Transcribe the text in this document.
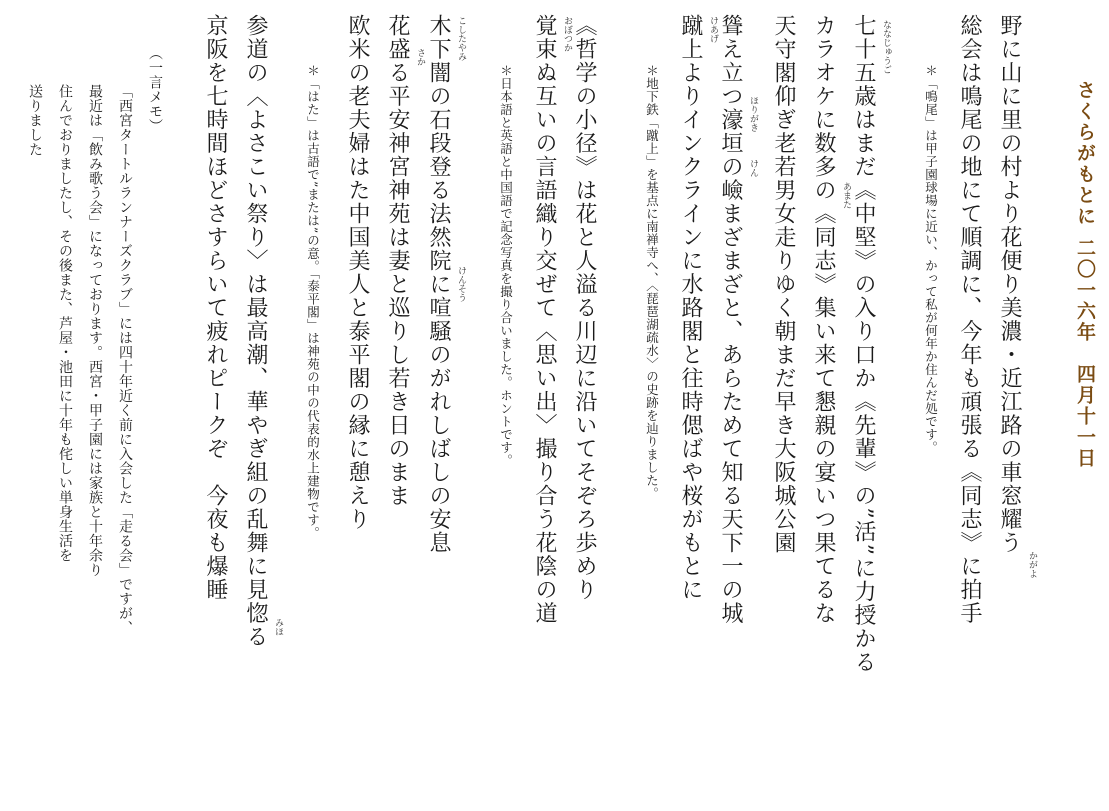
さくらがもとに
二〇一六年　四月十一日
野に山に里の村より花便り美濃・近江路の車窓耀う
総会は鳴尾の地にて順調に、今年も頑張る《同志》に拍手
＊「鳴尾」は甲子園球場に近い、かって私が何年か住んだ処です。
七十五歳はまだ《中堅》の入り口か《先輩》の”活”に力授かる
カラオケに数多の《同志》集い来て懇親の宴いつ果てるな
天守閣仰ぎ老若男女走りゆく朝まだ早き大阪城公園
聳え立つ濠垣の嶮まざまざと、あらためて知る天下一の城
蹴上よりインクラインに水路閣と往時偲ばや桜がもとに
＊地下鉄「蹴上」を基点に南禅寺へ、〈琵琶湖疏水〉の史跡を辿りました。
《哲学の小径》は花と人溢る川辺に沿いてそぞろ歩めり
覚束ぬ互いの言語織り交ぜて〈思い出〉撮り合う花陰の道
＊日本語と英語と中国語で記念写真を撮り合いました。ホントです。
木下闇の石段登る法然院に喧騒のがれしばしの安息
花盛る平安神宮神苑は妻と巡りし若き日のまま
欧米の老夫婦はた中国美人と泰平閣の縁に憩えり
＊「はた」は古語で”または”の意。「泰平閣」は神苑の中の代表的水上建物です。
参道の〈よさこい祭り〉は最高潮、華やぎ組の乱舞に見惚る
京阪を七時間ほどさすらいて疲れピークぞ　今夜も爆睡
（一言メモ）
「西宮タートルランナーズクラブ」には四十年近く前に入会した「走る会」ですが、
最近は「飲み歌う会」になっております。西宮・甲子園には家族と十年余り
住んでおりましたし、その後また、芦屋・池田に十年も侘しい単身生活を
送りました
かがよ
ななじゅうご
あまた
ほりがき
けん
けあげ
おぼつか
けんそう
こしたやみ
さか
みほ
